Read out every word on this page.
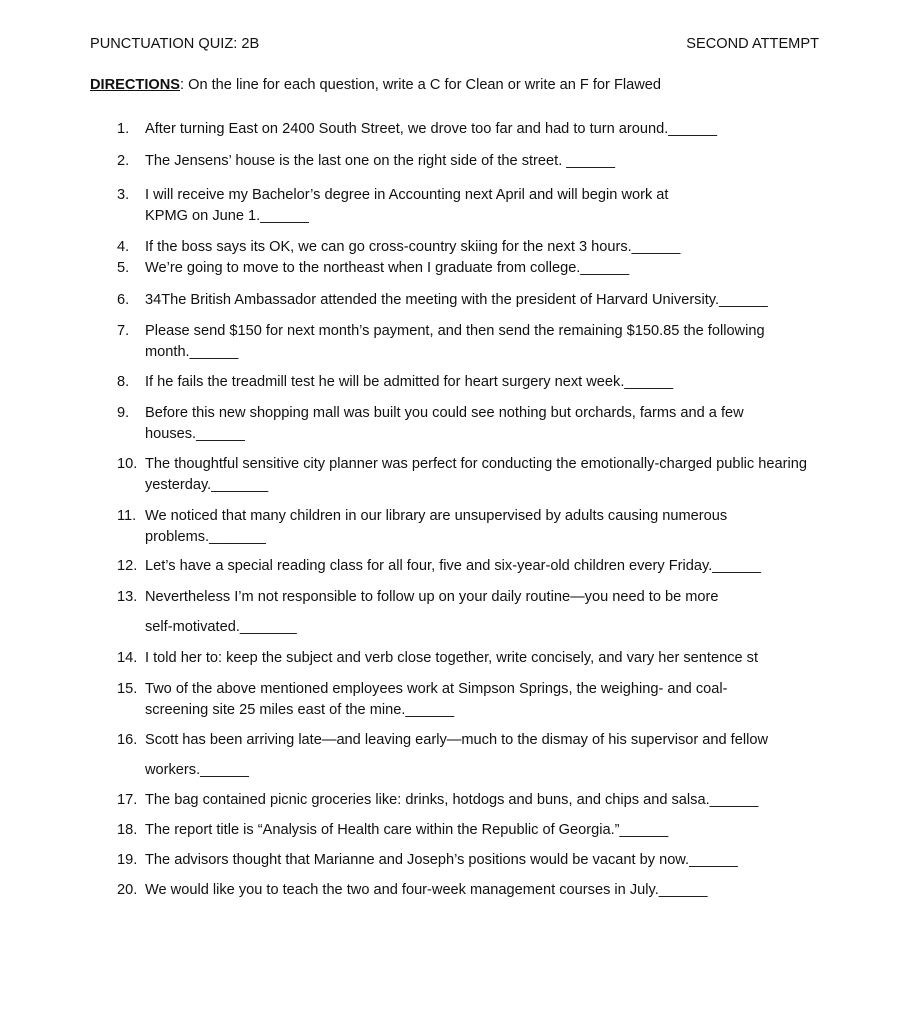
PUNCTUATION QUIZ: 2B	SECOND ATTEMPT
DIRECTIONS: On the line for each question, write a C for Clean or write an F for Flawed
1.	After turning East on 2400 South Street, we drove too far and had to turn around.______
2.	The Jensens’ house is the last one on the right side of the street. ______
3.	I will receive my Bachelor’s degree in Accounting next April and will begin work at KPMG on June 1.______
4.	If the boss says its OK, we can go cross-country skiing for the next 3 hours.______
5.	We’re going to move to the northeast when I graduate from college.______
6.	34The British Ambassador attended the meeting with the president of Harvard University.______
7.	Please send $150 for next month’s payment, and then send the remaining $150.85 the following month.______
8.	If he fails the treadmill test he will be admitted for heart surgery next week.______
9.	Before this new shopping mall was built you could see nothing but orchards, farms and a few houses.______
10. The thoughtful sensitive city planner was perfect for conducting the emotionally-charged public hearing yesterday._______
11. We noticed that many children in our library are unsupervised by adults causing numerous problems._______
12. Let’s have a special reading class for all four, five and six-year-old children every Friday.______
13. Nevertheless I’m not responsible to follow up on your daily routine—you need to be more
self-motivated._______
14. I told her to: keep the subject and verb close together, write concisely, and vary her sentence st
15. Two of the above mentioned employees work at Simpson Springs, the weighing- and coal-screening site 25 miles east of the mine.______
16. Scott has been arriving late—and leaving early—much to the dismay of his supervisor and fellow
workers.______
17. The bag contained picnic groceries like: drinks, hotdogs and buns, and chips and salsa.______
18. The report title is “Analysis of Health care within the Republic of Georgia.”______
19. The advisors thought that Marianne and Joseph’s positions would be vacant by now.______
20. We would like you to teach the two and four-week management courses in July.______
